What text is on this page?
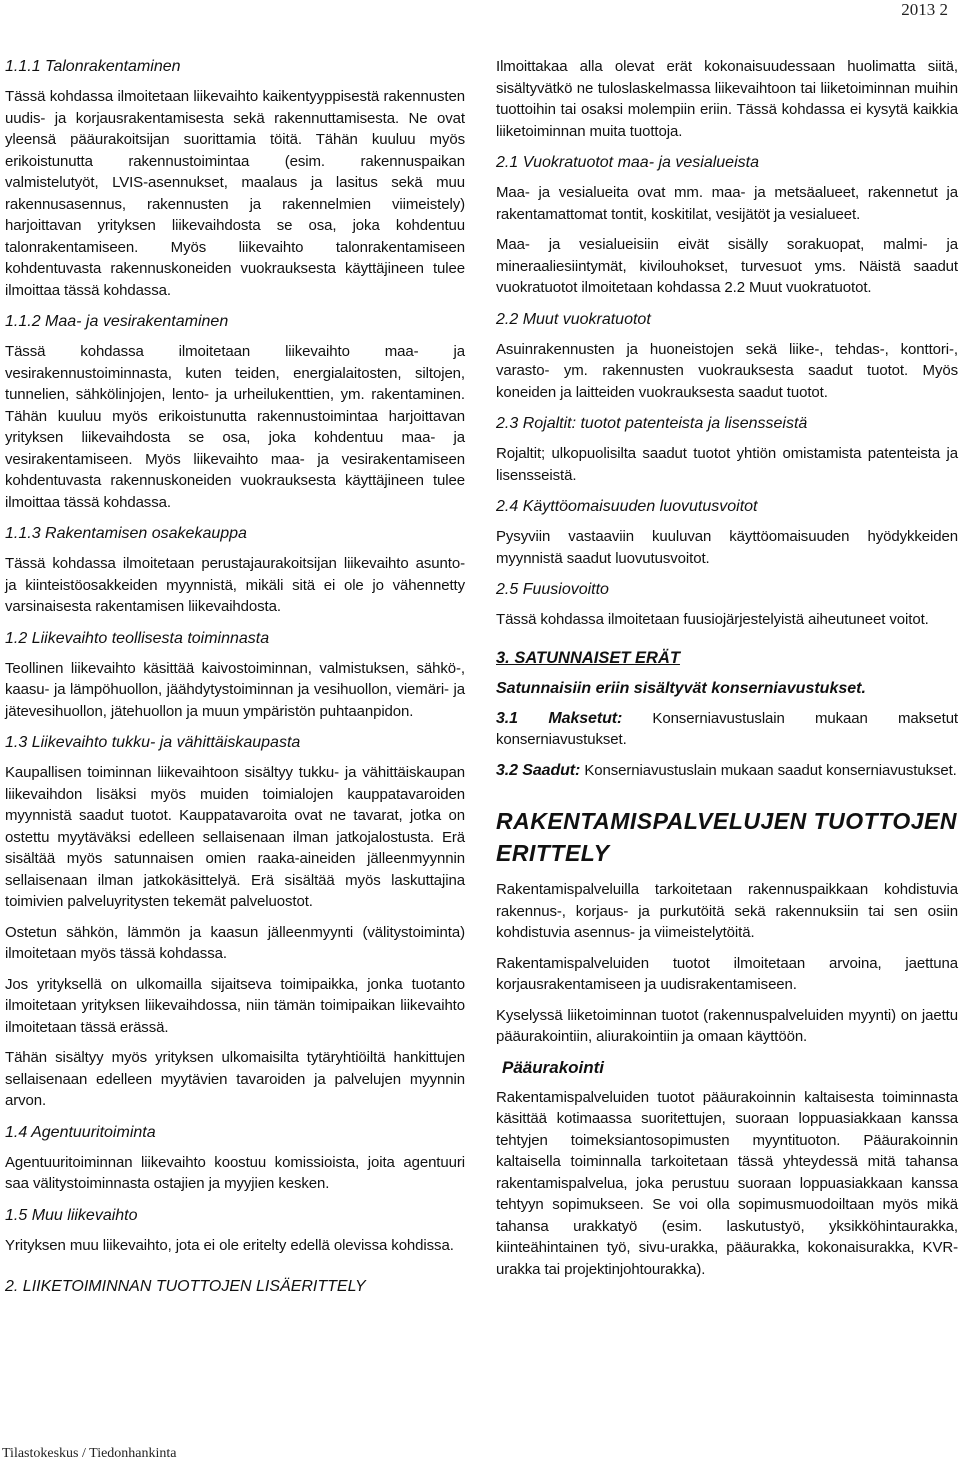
2013 2
1.1.1 Talonrakentaminen

Tässä kohdassa ilmoitetaan liikevaihto kaikentyyppisestä rakennusten uudis- ja korjausrakentamisesta sekä rakennuttamisesta. Ne ovat yleensä pääurakoitsijan suorittamia töitä. Tähän kuuluu myös erikoistunutta rakennustoimintaa (esim. rakennuspaikan valmistelutyöt, LVIS-asennukset, maalaus ja lasitus sekä muu rakennusasennus, rakennusten ja rakennelmien viimeistely) harjoittavan yrityksen liikevaihdosta se osa, joka kohdentuu talonrakentamiseen. Myös liikevaihto talonrakentamiseen kohdentuvasta rakennuskoneiden vuokrauksesta käyttäjineen tulee ilmoittaa tässä kohdassa.

1.1.2 Maa- ja vesirakentaminen

Tässä kohdassa ilmoitetaan liikevaihto maa- ja vesirakennustoiminnasta, kuten teiden, energialaitosten, siltojen, tunnelien, sähkölinjojen, lento- ja urheilukenttien, ym. rakentaminen. Tähän kuuluu myös erikoistunutta rakennustoimintaa harjoittavan yrityksen liikevaihdosta se osa, joka kohdentuu maa- ja vesirakentamiseen. Myös liikevaihto maa- ja vesirakentamiseen kohdentuvasta rakennuskoneiden vuokrauksesta käyttäjineen tulee ilmoittaa tässä kohdassa.

1.1.3 Rakentamisen osakekauppa

Tässä kohdassa ilmoitetaan perustajaurakoitsijan liikevaihto asunto- ja kiinteistöosakkeiden myynnistä, mikäli sitä ei ole jo vähennetty varsinaisesta rakentamisen liikevaihdosta.

1.2 Liikevaihto teollisesta toiminnasta

Teollinen liikevaihto käsittää kaivostoiminnan, valmistuksen, sähkö-, kaasu- ja lämpöhuollon, jäähdytystoiminnan ja vesihuollon, viemäri- ja jätevesihuollon, jätehuollon ja muun ympäristön puhtaanpidon.

1.3 Liikevaihto tukku- ja vähittäiskaupasta

Kaupallisen toiminnan liikevaihtoon sisältyy tukku- ja vähittäiskaupan liikevaihdon lisäksi myös muiden toimialojen kauppatavaroiden myynnistä saadut tuotot. Kauppatavaroita ovat ne tavarat, jotka on ostettu myytäväksi edelleen sellaisenaan ilman jatkojalostusta. Erä sisältää myös satunnaisen omien raaka-aineiden jälleenmyynnin sellaisenaan ilman jatkokäsittelyä. Erä sisältää myös laskuttajina toimivien palveluyritysten tekemät palveluostot.

Ostetun sähkön, lämmön ja kaasun jälleenmyynti (välitystoiminta) ilmoitetaan myös tässä kohdassa.

Jos yrityksellä on ulkomailla sijaitseva toimipaikka, jonka tuotanto ilmoitetaan yrityksen liikevaihdossa, niin tämän toimipaikan liikevaihto ilmoitetaan tässä erässä.

Tähän sisältyy myös yrityksen ulkomaisilta tytäryhtiöiltä hankittujen sellaisenaan edelleen myytävien tavaroiden ja palvelujen myynnin arvon.

1.4 Agentuuritoiminta

Agentuuritoiminnan liikevaihto koostuu komissioista, joita agentuuri saa välitystoiminnasta ostajien ja myyjien kesken.

1.5 Muu liikevaihto

Yrityksen muu liikevaihto, jota ei ole eritelty edellä olevissa kohdissa.

2. LIIKETOIMINNAN TUOTTOJEN LISÄERITTELY

Ilmoittakaa alla olevat erät kokonaisuudessaan huolimatta siitä, sisältyvätkö ne tuloslaskelmassa liikevaihtoon tai liiketoiminnan muihin tuottoihin tai osaksi molempiin eriin. Tässä kohdassa ei kysytä kaikkia liiketoiminnan muita tuottoja.

2.1 Vuokratuotot maa- ja vesialueista

Maa- ja vesialueita ovat mm. maa- ja metsäalueet, rakennetut ja rakentamattomat tontit, koskitilat, vesijätöt ja vesialueet.

Maa- ja vesialueisiin eivät sisälly sorakuopat, malmi- ja mineraaliesiintymät, kivilouhokset, turvesuot yms. Näistä saadut vuokratuotot ilmoitetaan kohdassa 2.2 Muut vuokratuotot.

2.2 Muut vuokratuotot

Asuinrakennusten ja huoneistojen sekä liike-, tehdas-, konttori-, varasto- ym. rakennusten vuokrauksesta saadut tuotot. Myös koneiden ja laitteiden vuokrauksesta saadut tuotot.

2.3 Rojaltit: tuotot patenteista ja lisensseistä

Rojaltit; ulkopuolisilta saadut tuotot yhtiön omistamista patenteista ja lisensseistä.

2.4 Käyttöomaisuuden luovutusvoitot

Pysyviin vastaaviin kuuluvan käyttöomaisuuden hyödykkeiden myynnistä saadut luovutusvoitot.

2.5 Fuusiovoitto

Tässä kohdassa ilmoitetaan fuusiojärjestelyistä aiheutuneet voitot.

3. SATUNNAISET ERÄT
Satunnaisiin eriin sisältyvät konserniavustukset.

3.1 Maksetut: Konserniavustuslain mukaan maksetut konserniavustukset.

3.2 Saadut: Konserniavustuslain mukaan saadut konserniavustukset.

RAKENTAMISPALVELUJEN TUOTTOJEN
ERITTELY

Rakentamispalveluilla tarkoitetaan rakennuspaikkaan kohdistuvia rakennus-, korjaus- ja purkutöitä sekä rakennuksiin tai sen osiin kohdistuvia asennus- ja viimeistelytöitä.

Rakentamispalveluiden tuotot ilmoitetaan arvoina, jaettuna korjausrakentamiseen ja uudisrakentamiseen.

Kyselyssä liiketoiminnan tuotot (rakennuspalveluiden myynti) on jaettu pääurakointiin, aliurakointiin ja omaan käyttöön.

Pääurakointi

Rakentamispalveluiden tuotot pääurakoinnin kaltaisesta toiminnasta käsittää kotimaassa suoritettujen, suoraan loppuasiakkaan kanssa tehtyjen toimeksiantosopimusten myyntituoton. Pääurakoinnin kaltaisella toiminnalla tarkoitetaan tässä yhteydessä mitä tahansa rakentamispalvelua, joka perustuu suoraan loppuasiakkaan kanssa tehtyyn sopimukseen. Se voi olla sopimusmuodoiltaan myös mikä tahansa urakkatyö (esim. laskutustyö, yksikköhintaurakka, kiinteähintainen työ, sivu-urakka, pääurakka, kokonaisurakka, KVR-urakka tai projektinjohtourakka).

Tilastokeskus / Tiedonhankinta
